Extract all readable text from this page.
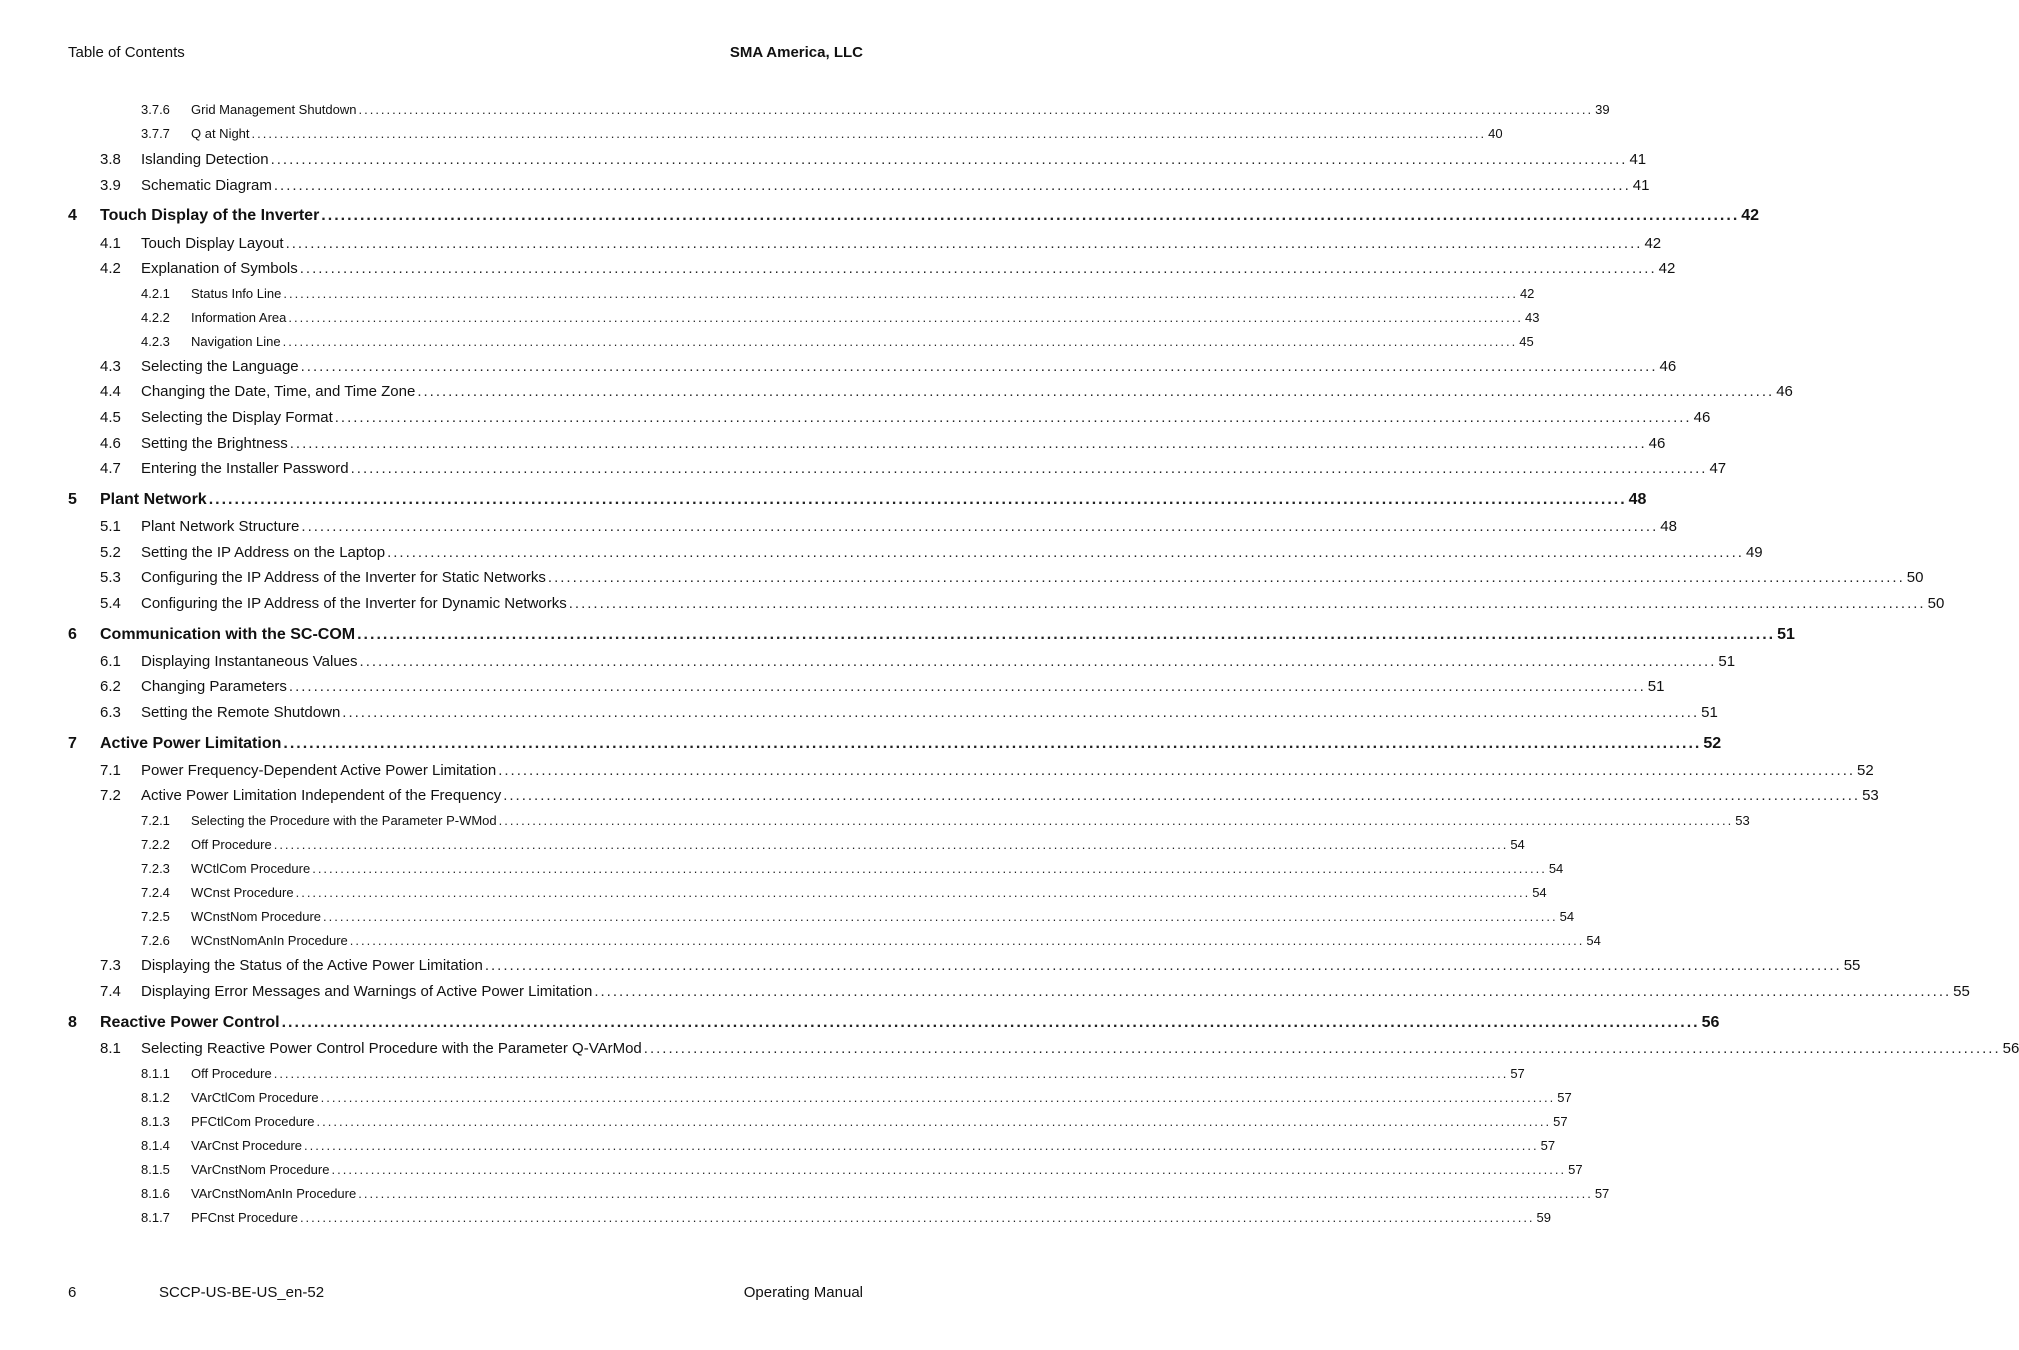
Table of Contents	SMA America, LLC
3.7.6 Grid Management Shutdown ............................................................................................................................................................................................................................ 39
3.7.7 Q at Night ............................................................................................................................................................................................................................ 40
3.8 Islanding Detection ............................................................................................................................................................................................................................ 41
3.9 Schematic Diagram ............................................................................................................................................................................................................................ 41
4 Touch Display of the Inverter ............................................................................................................................................................................................................................ 42
4.1 Touch Display Layout ............................................................................................................................................................................................................................ 42
4.2 Explanation of Symbols ............................................................................................................................................................................................................................ 42
4.2.1 Status Info Line ............................................................................................................................................................................................................................ 42
4.2.2 Information Area ............................................................................................................................................................................................................................ 43
4.2.3 Navigation Line ............................................................................................................................................................................................................................ 45
4.3 Selecting the Language ............................................................................................................................................................................................................................ 46
4.4 Changing the Date, Time, and Time Zone ............................................................................................................................................................................................................................ 46
4.5 Selecting the Display Format ............................................................................................................................................................................................................................ 46
4.6 Setting the Brightness ............................................................................................................................................................................................................................ 46
4.7 Entering the Installer Password ............................................................................................................................................................................................................................ 47
5 Plant Network ............................................................................................................................................................................................................................ 48
5.1 Plant Network Structure ............................................................................................................................................................................................................................ 48
5.2 Setting the IP Address on the Laptop ............................................................................................................................................................................................................................ 49
5.3 Configuring the IP Address of the Inverter for Static Networks ............................................................................................................................................................................................................................ 50
5.4 Configuring the IP Address of the Inverter for Dynamic Networks ............................................................................................................................................................................................................................ 50
6 Communication with the SC-COM ............................................................................................................................................................................................................................ 51
6.1 Displaying Instantaneous Values ............................................................................................................................................................................................................................ 51
6.2 Changing Parameters ............................................................................................................................................................................................................................ 51
6.3 Setting the Remote Shutdown ............................................................................................................................................................................................................................ 51
7 Active Power Limitation ............................................................................................................................................................................................................................ 52
7.1 Power Frequency-Dependent Active Power Limitation ............................................................................................................................................................................................................................ 52
7.2 Active Power Limitation Independent of the Frequency ............................................................................................................................................................................................................................ 53
7.2.1 Selecting the Procedure with the Parameter P-WMod ............................................................................................................................................................................................................................ 53
7.2.2 Off Procedure ............................................................................................................................................................................................................................ 54
7.2.3 WCtlCom Procedure ............................................................................................................................................................................................................................ 54
7.2.4 WCnst Procedure ............................................................................................................................................................................................................................ 54
7.2.5 WCnstNom Procedure ............................................................................................................................................................................................................................ 54
7.2.6 WCnstNomAnIn Procedure ............................................................................................................................................................................................................................ 54
7.3 Displaying the Status of the Active Power Limitation ............................................................................................................................................................................................................................ 55
7.4 Displaying Error Messages and Warnings of Active Power Limitation ............................................................................................................................................................................................................................ 55
8 Reactive Power Control ............................................................................................................................................................................................................................ 56
8.1 Selecting Reactive Power Control Procedure with the Parameter Q-VArMod ............................................................................................................................................................................................................................ 56
8.1.1 Off Procedure ............................................................................................................................................................................................................................ 57
8.1.2 VArCtlCom Procedure ............................................................................................................................................................................................................................ 57
8.1.3 PFCtlCom Procedure ............................................................................................................................................................................................................................ 57
8.1.4 VArCnst Procedure ............................................................................................................................................................................................................................ 57
8.1.5 VArCnstNom Procedure ............................................................................................................................................................................................................................ 57
8.1.6 VArCnstNomAnIn Procedure ............................................................................................................................................................................................................................ 57
8.1.7 PFCnst Procedure ............................................................................................................................................................................................................................ 59
6	SCCP-US-BE-US_en-52	Operating Manual
